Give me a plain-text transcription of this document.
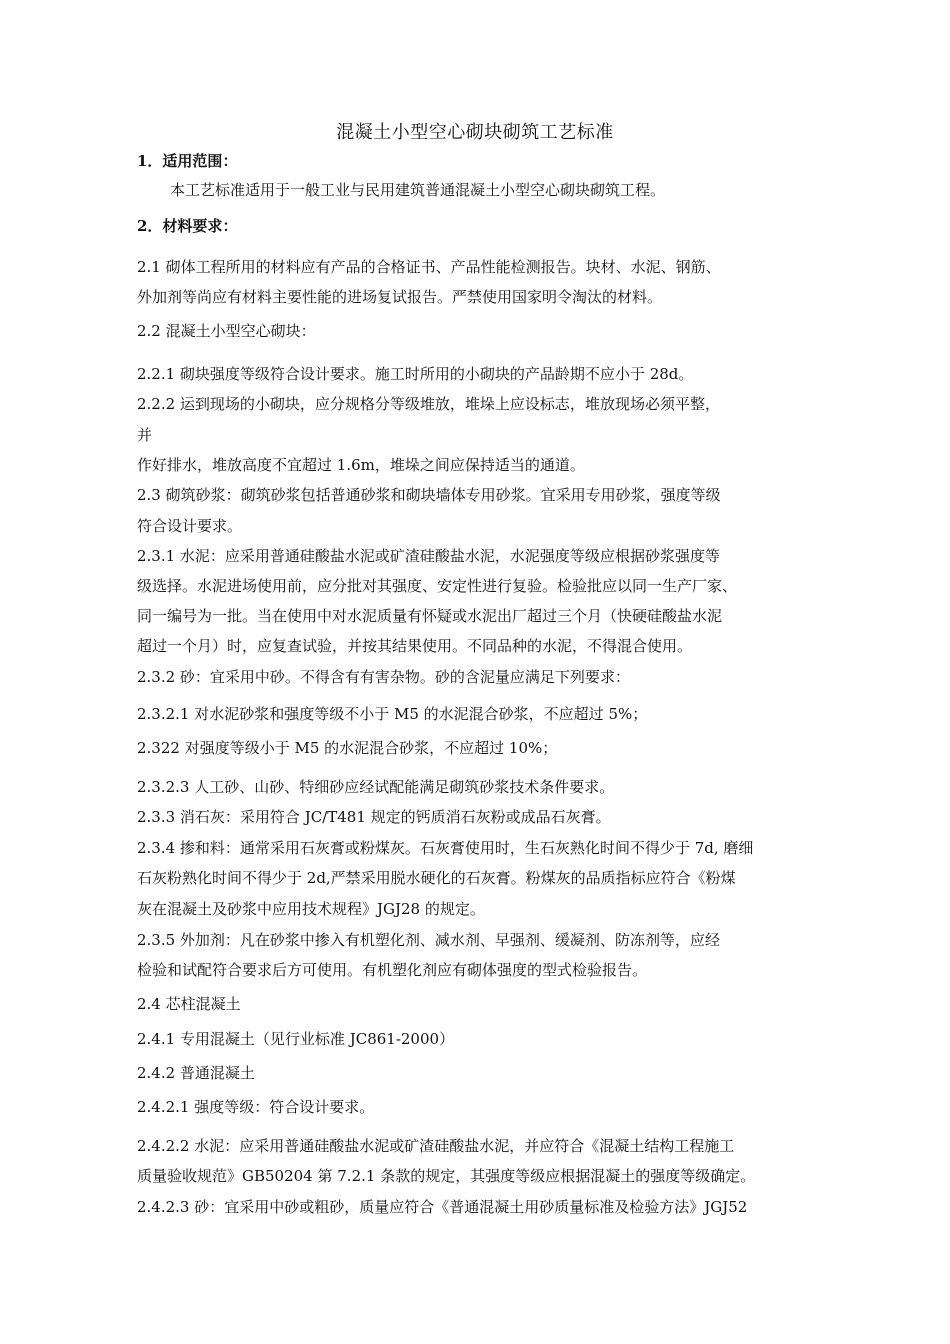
混凝土小型空心砌块砌筑工艺标准
1．适用范围：
本工艺标准适用于一般工业与民用建筑普通混凝土小型空心砌块砌筑工程。
2．材料要求：
2.1 砌体工程所用的材料应有产品的合格证书、产品性能检测报告。块材、水泥、钢筋、
外加剂等尚应有材料主要性能的进场复试报告。严禁使用国家明令淘汰的材料。
2.2 混凝土小型空心砌块：
2.2.1 砌块强度等级符合设计要求。施工时所用的小砌块的产品龄期不应小于 28d。
2.2.2 运到现场的小砌块，应分规格分等级堆放，堆垛上应设标志，堆放现场必须平整，
并
作好排水，堆放高度不宜超过 1.6m，堆垛之间应保持适当的通道。
2.3 砌筑砂浆：砌筑砂浆包括普通砂浆和砌块墙体专用砂浆。宜采用专用砂浆，强度等级
符合设计要求。
2.3.1 水泥：应采用普通硅酸盐水泥或矿渣硅酸盐水泥，水泥强度等级应根据砂浆强度等
级选择。水泥进场使用前，应分批对其强度、安定性进行复验。检验批应以同一生产厂家、
同一编号为一批。当在使用中对水泥质量有怀疑或水泥出厂超过三个月（快硬硅酸盐水泥
超过一个月）时，应复查试验，并按其结果使用。不同品种的水泥，不得混合使用。
2.3.2 砂：宜采用中砂。不得含有有害杂物。砂的含泥量应满足下列要求：
2.3.2.1 对水泥砂浆和强度等级不小于 M5 的水泥混合砂浆，不应超过 5%；
2.322 对强度等级小于 M5 的水泥混合砂浆，不应超过 10%；
2.3.2.3 人工砂、山砂、特细砂应经试配能满足砌筑砂浆技术条件要求。
2.3.3 消石灰：采用符合 JC/T481 规定的钙质消石灰粉或成品石灰膏。
2.3.4 掺和料：通常采用石灰膏或粉煤灰。石灰膏使用时，生石灰熟化时间不得少于 7d, 磨细
石灰粉熟化时间不得少于 2d,严禁采用脱水硬化的石灰膏。粉煤灰的品质指标应符合《粉煤
灰在混凝土及砂浆中应用技术规程》JGJ28 的规定。
2.3.5 外加剂：凡在砂浆中掺入有机塑化剂、减水剂、早强剂、缓凝剂、防冻剂等，应经
检验和试配符合要求后方可使用。有机塑化剂应有砌体强度的型式检验报告。
2.4 芯柱混凝土
2.4.1 专用混凝土（见行业标准 JC861-2000）
2.4.2 普通混凝土
2.4.2.1 强度等级：符合设计要求。
2.4.2.2 水泥：应采用普通硅酸盐水泥或矿渣硅酸盐水泥，并应符合《混凝土结构工程施工
质量验收规范》GB50204 第 7.2.1 条款的规定，其强度等级应根据混凝土的强度等级确定。
2.4.2.3 砂：宜采用中砂或粗砂，质量应符合《普通混凝土用砂质量标准及检验方法》JGJ52
